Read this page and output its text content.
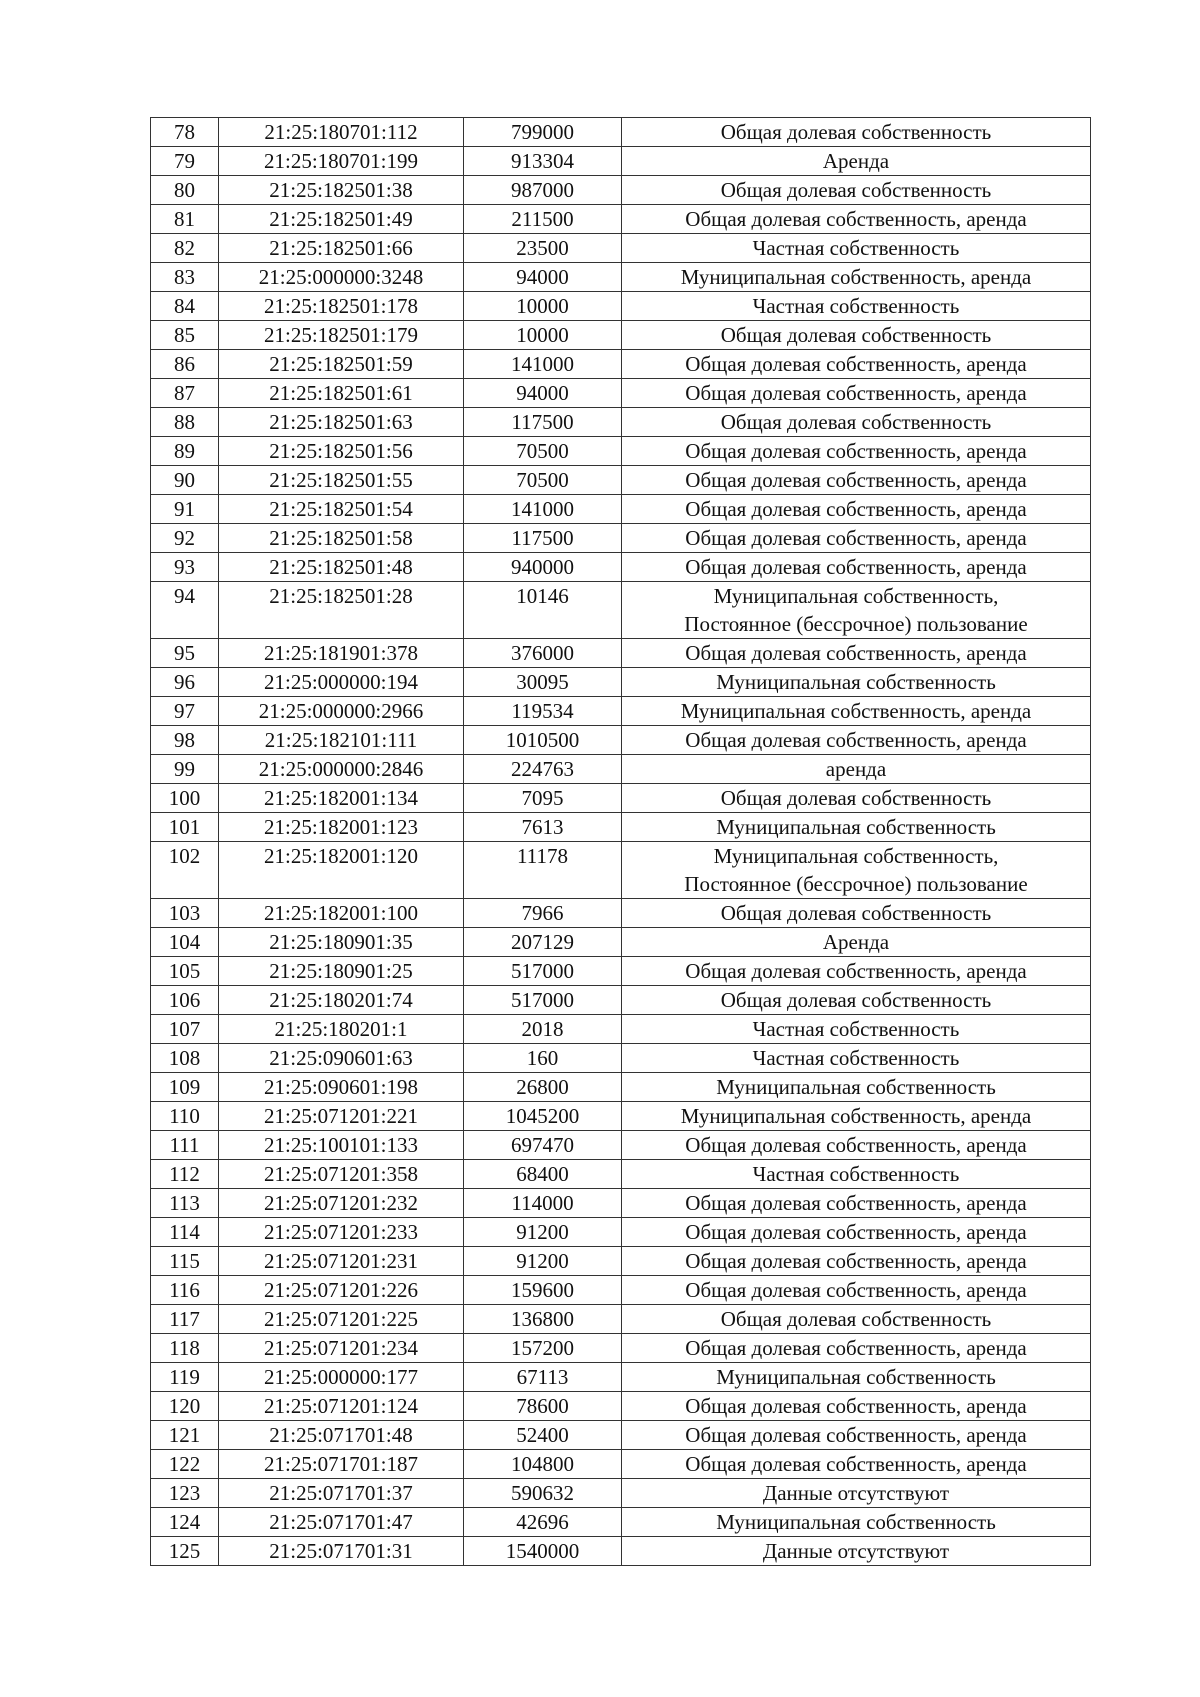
78	21:25:180701:112	799000	Общая долевая собственность
79	21:25:180701:199	913304	Аренда
80	21:25:182501:38	987000	Общая долевая собственность
81	21:25:182501:49	211500	Общая долевая собственность, аренда
82	21:25:182501:66	23500	Частная собственность
83	21:25:000000:3248	94000	Муниципальная собственность, аренда
84	21:25:182501:178	10000	Частная собственность
85	21:25:182501:179	10000	Общая долевая собственность
86	21:25:182501:59	141000	Общая долевая собственность, аренда
87	21:25:182501:61	94000	Общая долевая собственность, аренда
88	21:25:182501:63	117500	Общая долевая собственность
89	21:25:182501:56	70500	Общая долевая собственность, аренда
90	21:25:182501:55	70500	Общая долевая собственность, аренда
91	21:25:182501:54	141000	Общая долевая собственность, аренда
92	21:25:182501:58	117500	Общая долевая собственность, аренда
93	21:25:182501:48	940000	Общая долевая собственность, аренда
94	21:25:182501:28	10146	Муниципальная собственность,
Постоянное (бессрочное) пользование

95	21:25:181901:378	376000	Общая долевая собственность, аренда
96	21:25:000000:194	30095	Муниципальная собственность
97	21:25:000000:2966	119534	Муниципальная собственность, аренда
98	21:25:182101:111	1010500	Общая долевая собственность, аренда
99	21:25:000000:2846	224763	аренда
100	21:25:182001:134	7095	Общая долевая собственность
101	21:25:182001:123	7613	Муниципальная собственность
102	21:25:182001:120	11178	Муниципальная собственность,
Постоянное (бессрочное) пользование

103	21:25:182001:100	7966	Общая долевая собственность
104	21:25:180901:35	207129	Аренда
105	21:25:180901:25	517000	Общая долевая собственность, аренда
106	21:25:180201:74	517000	Общая долевая собственность
107	21:25:180201:1	2018	Частная собственность
108	21:25:090601:63	160	Частная собственность
109	21:25:090601:198	26800	Муниципальная собственность
110	21:25:071201:221	1045200	Муниципальная собственность, аренда
111	21:25:100101:133	697470	Общая долевая собственность, аренда
112	21:25:071201:358	68400	Частная собственность
113	21:25:071201:232	114000	Общая долевая собственность, аренда
114	21:25:071201:233	91200	Общая долевая собственность, аренда
115	21:25:071201:231	91200	Общая долевая собственность, аренда
116	21:25:071201:226	159600	Общая долевая собственность, аренда
117	21:25:071201:225	136800	Общая долевая собственность
118	21:25:071201:234	157200	Общая долевая собственность, аренда
119	21:25:000000:177	67113	Муниципальная собственность
120	21:25:071201:124	78600	Общая долевая собственность, аренда
121	21:25:071701:48	52400	Общая долевая собственность, аренда
122	21:25:071701:187	104800	Общая долевая собственность, аренда
123	21:25:071701:37	590632	Данные отсутствуют
124	21:25:071701:47	42696	Муниципальная собственность
125	21:25:071701:31	1540000	Данные отсутствуют
